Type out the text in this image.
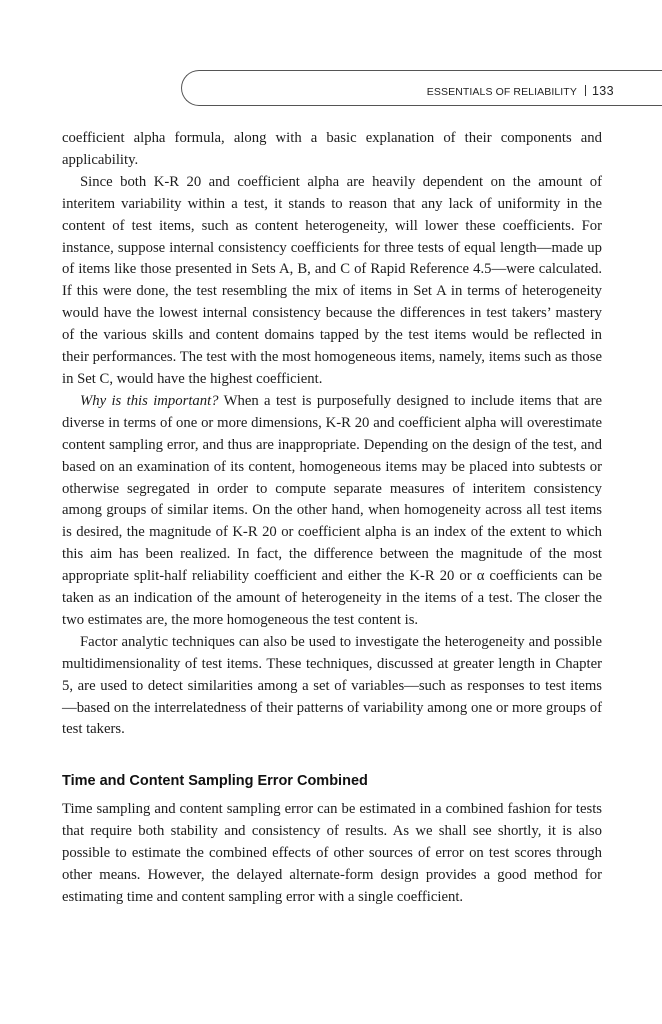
ESSENTIALS OF RELIABILITY 133

coefficient alpha formula, along with a basic explanation of their components and applicability.

Since both K-R 20 and coefficient alpha are heavily dependent on the amount of interitem variability within a test, it stands to reason that any lack of uniformity in the content of test items, such as content heterogeneity, will lower these coefficients. For instance, suppose internal consistency coefficients for three tests of equal length—made up of items like those presented in Sets A, B, and C of Rapid Reference 4.5—were calculated. If this were done, the test resembling the mix of items in Set A in terms of heterogeneity would have the lowest internal consistency because the differences in test takers’ mastery of the various skills and content domains tapped by the test items would be reflected in their performances. The test with the most homogeneous items, namely, items such as those in Set C, would have the highest coefficient.

Why is this important? When a test is purposefully designed to include items that are diverse in terms of one or more dimensions, K-R 20 and coefficient alpha will overestimate content sampling error, and thus are inappropriate. Depending on the design of the test, and based on an examination of its content, homogeneous items may be placed into subtests or otherwise segregated in order to compute separate measures of interitem consistency among groups of similar items. On the other hand, when homogeneity across all test items is desired, the magnitude of K-R 20 or coefficient alpha is an index of the extent to which this aim has been realized. In fact, the difference between the magnitude of the most appropriate split-half reliability coefficient and either the K-R 20 or α coefficients can be taken as an indication of the amount of heterogeneity in the items of a test. The closer the two estimates are, the more homogeneous the test content is.

Factor analytic techniques can also be used to investigate the heterogeneity and possible multidimensionality of test items. These techniques, discussed at greater length in Chapter 5, are used to detect similarities among a set of variables—such as responses to test items—based on the interrelatedness of their patterns of variability among one or more groups of test takers.

Time and Content Sampling Error Combined

Time sampling and content sampling error can be estimated in a combined fashion for tests that require both stability and consistency of results. As we shall see shortly, it is also possible to estimate the combined effects of other sources of error on test scores through other means. However, the delayed alternate-form design provides a good method for estimating time and content sampling error with a single coefficient.
